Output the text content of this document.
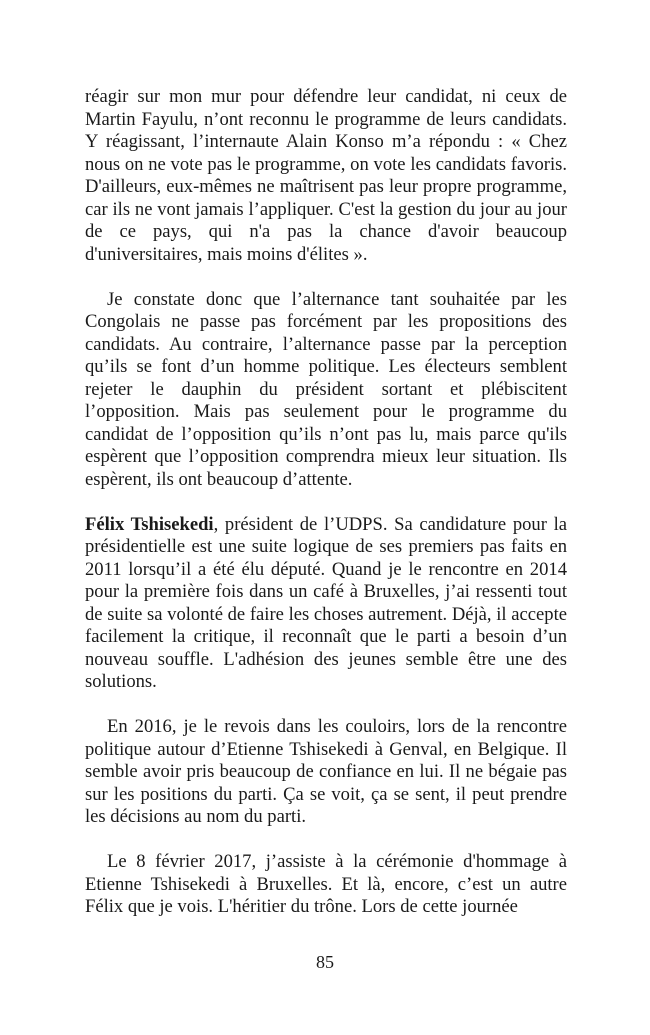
réagir sur mon mur pour défendre leur candidat, ni ceux de Martin Fayulu, n’ont reconnu le programme de leurs candidats. Y réagissant, l’internaute Alain Konso m’a répondu : « Chez nous on ne vote pas le programme, on vote les candidats favoris. D'ailleurs, eux-mêmes ne maîtrisent pas leur propre programme, car ils ne vont jamais l’appliquer. C'est la gestion du jour au jour de ce pays, qui n'a pas la chance d'avoir beaucoup d'universitaires, mais moins d'élites ».

Je constate donc que l’alternance tant souhaitée par les Congolais ne passe pas forcément par les propositions des candidats. Au contraire, l’alternance passe par la perception qu’ils se font d’un homme politique. Les électeurs semblent rejeter le dauphin du président sortant et plébiscitent l’opposition. Mais pas seulement pour le programme du candidat de l’opposition qu’ils n’ont pas lu, mais parce qu'ils espèrent que l’opposition comprendra mieux leur situation. Ils espèrent, ils ont beaucoup d’attente.

Félix Tshisekedi, président de l’UDPS. Sa candidature pour la présidentielle est une suite logique de ses premiers pas faits en 2011 lorsqu’il a été élu député. Quand je le rencontre en 2014 pour la première fois dans un café à Bruxelles, j’ai ressenti tout de suite sa volonté de faire les choses autrement. Déjà, il accepte facilement la critique, il reconnaît que le parti a besoin d’un nouveau souffle. L'adhésion des jeunes semble être une des solutions.

En 2016, je le revois dans les couloirs, lors de la rencontre politique autour d’Etienne Tshisekedi à Genval, en Belgique. Il semble avoir pris beaucoup de confiance en lui. Il ne bégaie pas sur les positions du parti. Ça se voit, ça se sent, il peut prendre les décisions au nom du parti.

Le 8 février 2017, j’assiste à la cérémonie d'hommage à Etienne Tshisekedi à Bruxelles. Et là, encore, c’est un autre Félix que je vois. L'héritier du trône. Lors de cette journée

85
